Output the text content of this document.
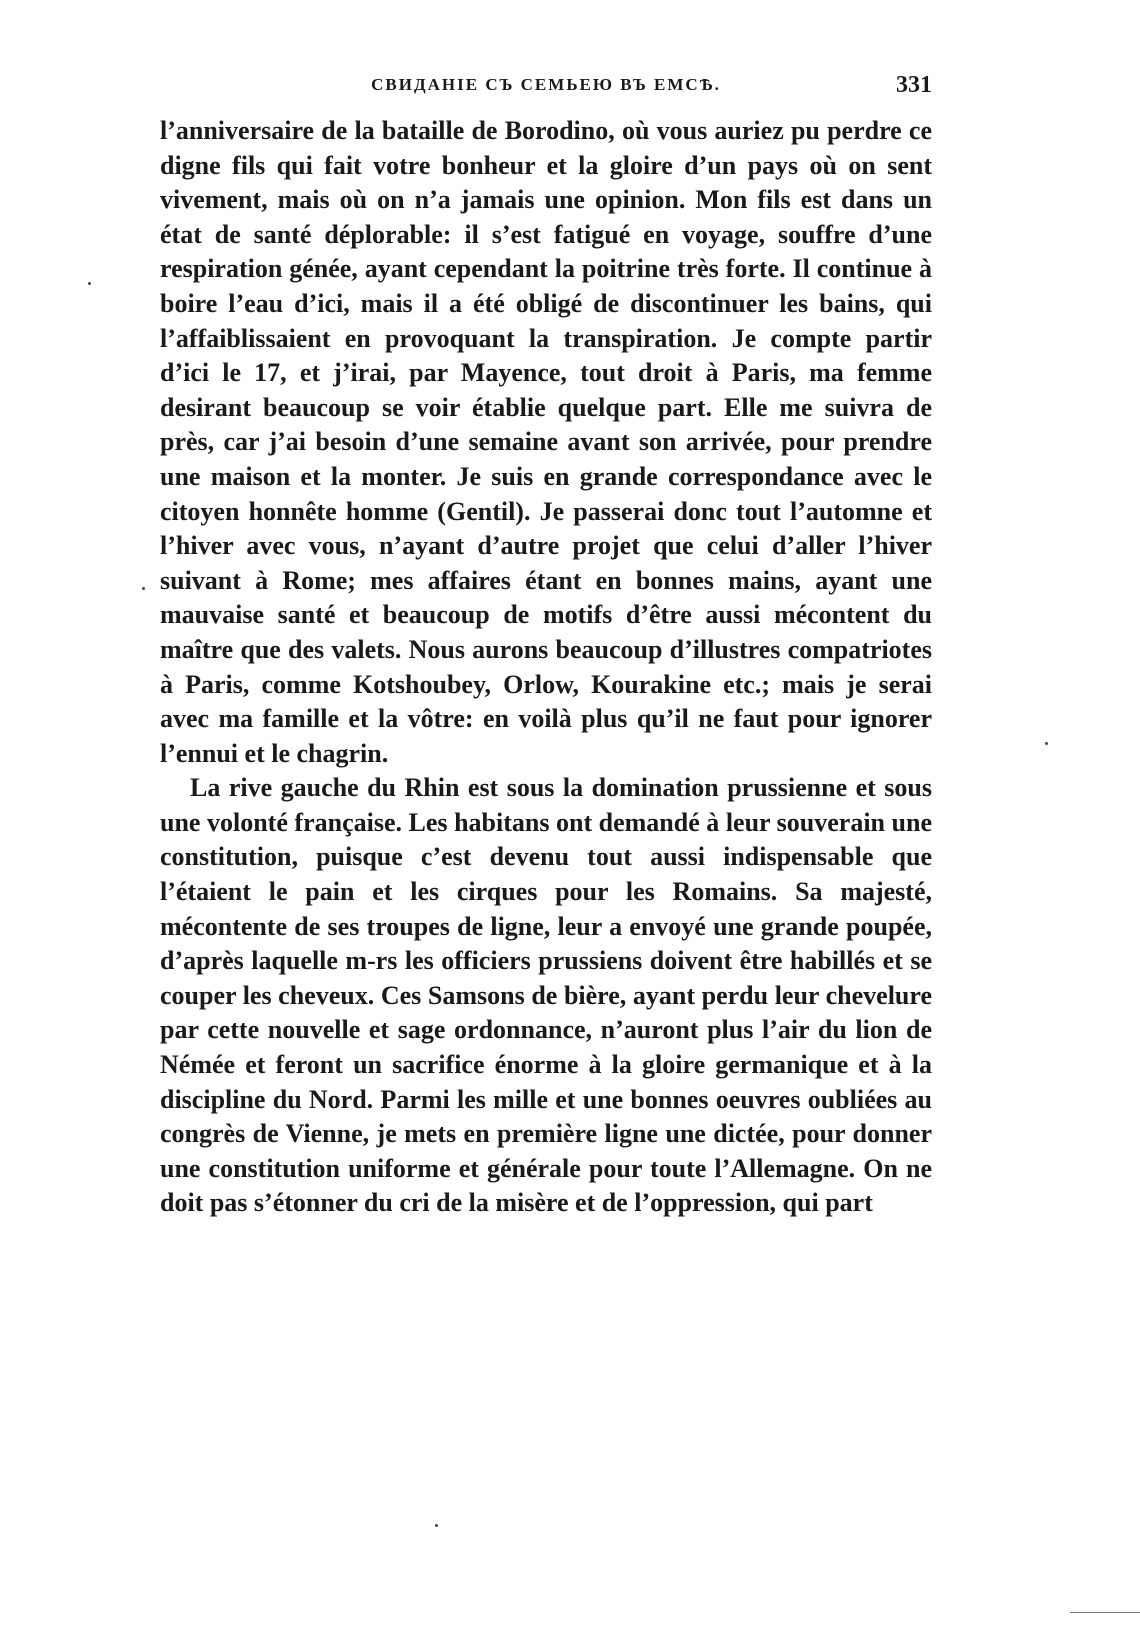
СВИДАНІЕ СЪ СЕМЬЕЮ ВЪ ЕМСѢ.	331

l’anniversaire de la bataille de Borodino, où vous auriez pu perdre ce digne fils qui fait votre bonheur et la gloire d’un pays où on sent vivement, mais où on n’a jamais une opinion. Mon fils est dans un état de santé déplorable: il s’est fatigué en voyage, souffre d’une respiration génée, ayant cependant la poitrine très forte. Il continue à boire l’eau d’ici, mais il a été obligé de discontinuer les bains, qui l’affaiblissaient en provoquant la transpiration. Je compte partir d’ici le 17, et j’irai, par Mayence, tout droit à Paris, ma femme desirant beaucoup se voir établie quelque part. Elle me suivra de près, car j’ai besoin d’une semaine avant son arrivée, pour prendre une maison et la monter. Je suis en grande correspondance avec le citoyen honnête homme (Gentil). Je passerai donc tout l’automne et l’hiver avec vous, n’ayant d’autre projet que celui d’aller l’hiver suivant à Rome; mes affaires étant en bonnes mains, ayant une mauvaise santé et beaucoup de motifs d’être aussi mécontent du maître que des valets. Nous aurons beaucoup d’illustres compatriotes à Paris, comme Kotshoubey, Orlow, Kourakine etc.; mais je serai avec ma famille et la vôtre: en voilà plus qu’il ne faut pour ignorer l’ennui et le chagrin.

La rive gauche du Rhin est sous la domination prussienne et sous une volonté française. Les habitans ont demandé à leur souverain une constitution, puisque c’est devenu tout aussi indispensable que l’étaient le pain et les cirques pour les Romains. Sa majesté, mécontente de ses troupes de ligne, leur a envoyé une grande poupée, d’après laquelle m-rs les officiers prussiens doivent être habillés et se couper les cheveux. Ces Samsons de bière, ayant perdu leur chevelure par cette nouvelle et sage ordonnance, n’auront plus l’air du lion de Némée et feront un sacrifice énorme à la gloire germanique et à la discipline du Nord. Parmi les mille et une bonnes oeuvres oubliées au congrès de Vienne, je mets en première ligne une dictée, pour donner une constitution uniforme et générale pour toute l’Allemagne. On ne doit pas s’étonner du cri de la misère et de l’oppression, qui part
